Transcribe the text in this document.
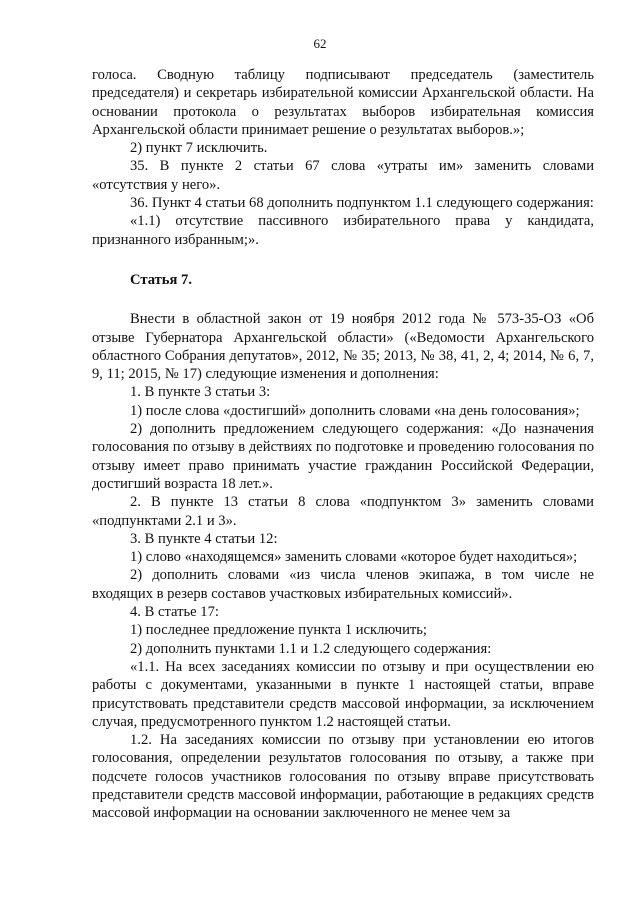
62

голоса. Сводную таблицу подписывают председатель (заместитель председателя) и секретарь избирательной комиссии Архангельской области. На основании протокола о результатах выборов избирательная комиссия Архангельской области принимает решение о результатах выборов.»;

2) пункт 7 исключить.

35. В пункте 2 статьи 67 слова «утраты им» заменить словами «отсутствия у него».

36. Пункт 4 статьи 68 дополнить подпунктом 1.1 следующего содержания:

«1.1) отсутствие пассивного избирательного права у кандидата, признанного избранным;».

Статья 7.

Внести в областной закон от 19 ноября 2012 года № 573-35-ОЗ «Об отзыве Губернатора Архангельской области» («Ведомости Архангельского областного Собрания депутатов», 2012, № 35; 2013, № 38, 41, 2, 4; 2014, № 6, 7, 9, 11; 2015, № 17) следующие изменения и дополнения:

1. В пункте 3 статьи 3:

1) после слова «достигший» дополнить словами «на день голосования»;

2) дополнить предложением следующего содержания: «До назначения голосования по отзыву в действиях по подготовке и проведению голосования по отзыву имеет право принимать участие гражданин Российской Федерации, достигший возраста 18 лет.».

2. В пункте 13 статьи 8 слова «подпунктом 3» заменить словами «подпунктами 2.1 и 3».

3. В пункте 4 статьи 12:

1) слово «находящемся» заменить словами «которое будет находиться»;

2) дополнить словами «из числа членов экипажа, в том числе не входящих в резерв составов участковых избирательных комиссий».

4. В статье 17:

1) последнее предложение пункта 1 исключить;

2) дополнить пунктами 1.1 и 1.2 следующего содержания:

«1.1. На всех заседаниях комиссии по отзыву и при осуществлении ею работы с документами, указанными в пункте 1 настоящей статьи, вправе присутствовать представители средств массовой информации, за исключением случая, предусмотренного пунктом 1.2 настоящей статьи.

1.2. На заседаниях комиссии по отзыву при установлении ею итогов голосования, определении результатов голосования по отзыву, а также при подсчете голосов участников голосования по отзыву вправе присутствовать представители средств массовой информации, работающие в редакциях средств массовой информации на основании заключенного не менее чем за
